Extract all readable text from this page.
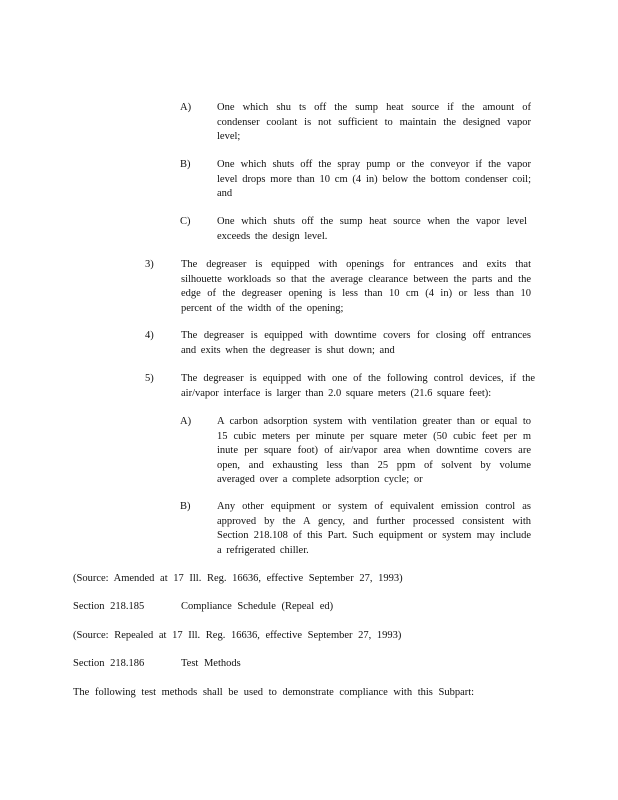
A) One which shu ts off the sump heat source if the amount of condenser coolant is not sufficient to maintain the designed vapor level;
B)	One which shuts off the spray pump or the conveyor if the vapor level drops more than 10 cm (4 in) below the bottom condenser coil; and
C)	One which shuts off the sump heat source when the vapor level exceeds the design level.
3)	The degreaser is equipped with openings for entrances and exits that silhouette workloads so that the average clearance between the parts and the edge of the degreaser opening is less than 10 cm (4 in) or less than 10 percent of the width of the opening;
4)	The degreaser is equipped with downtime covers for closing off entrances and exits when the degreaser is shut down; and
5)	The degreaser is equipped with one of the following control devices, if the air/vapor interface is larger than 2.0 square meters (21.6 square feet):
A) A carbon adsorption system with ventilation greater than or equal to 15 cubic meters per minute per square meter (50 cubic feet per m inute per square foot) of air/vapor area when downtime covers are open, and exhausting less than 25 ppm of solvent by volume averaged over a complete adsorption cycle; or
B)	Any other equipment or system of equivalent emission control as approved by the A gency, and further processed consistent with Section 218.108 of this Part. Such equipment or system may include a refrigerated chiller.
(Source: Amended at 17 Ill. Reg. 16636, effective September 27, 1993)
Section 218.185	Compliance Schedule (Repeal ed)
(Source: Repealed at 17 Ill. Reg. 16636, effective September 27, 1993)
Section 218.186	Test Methods
The following test methods shall be used to demonstrate compliance with this Subpart:
